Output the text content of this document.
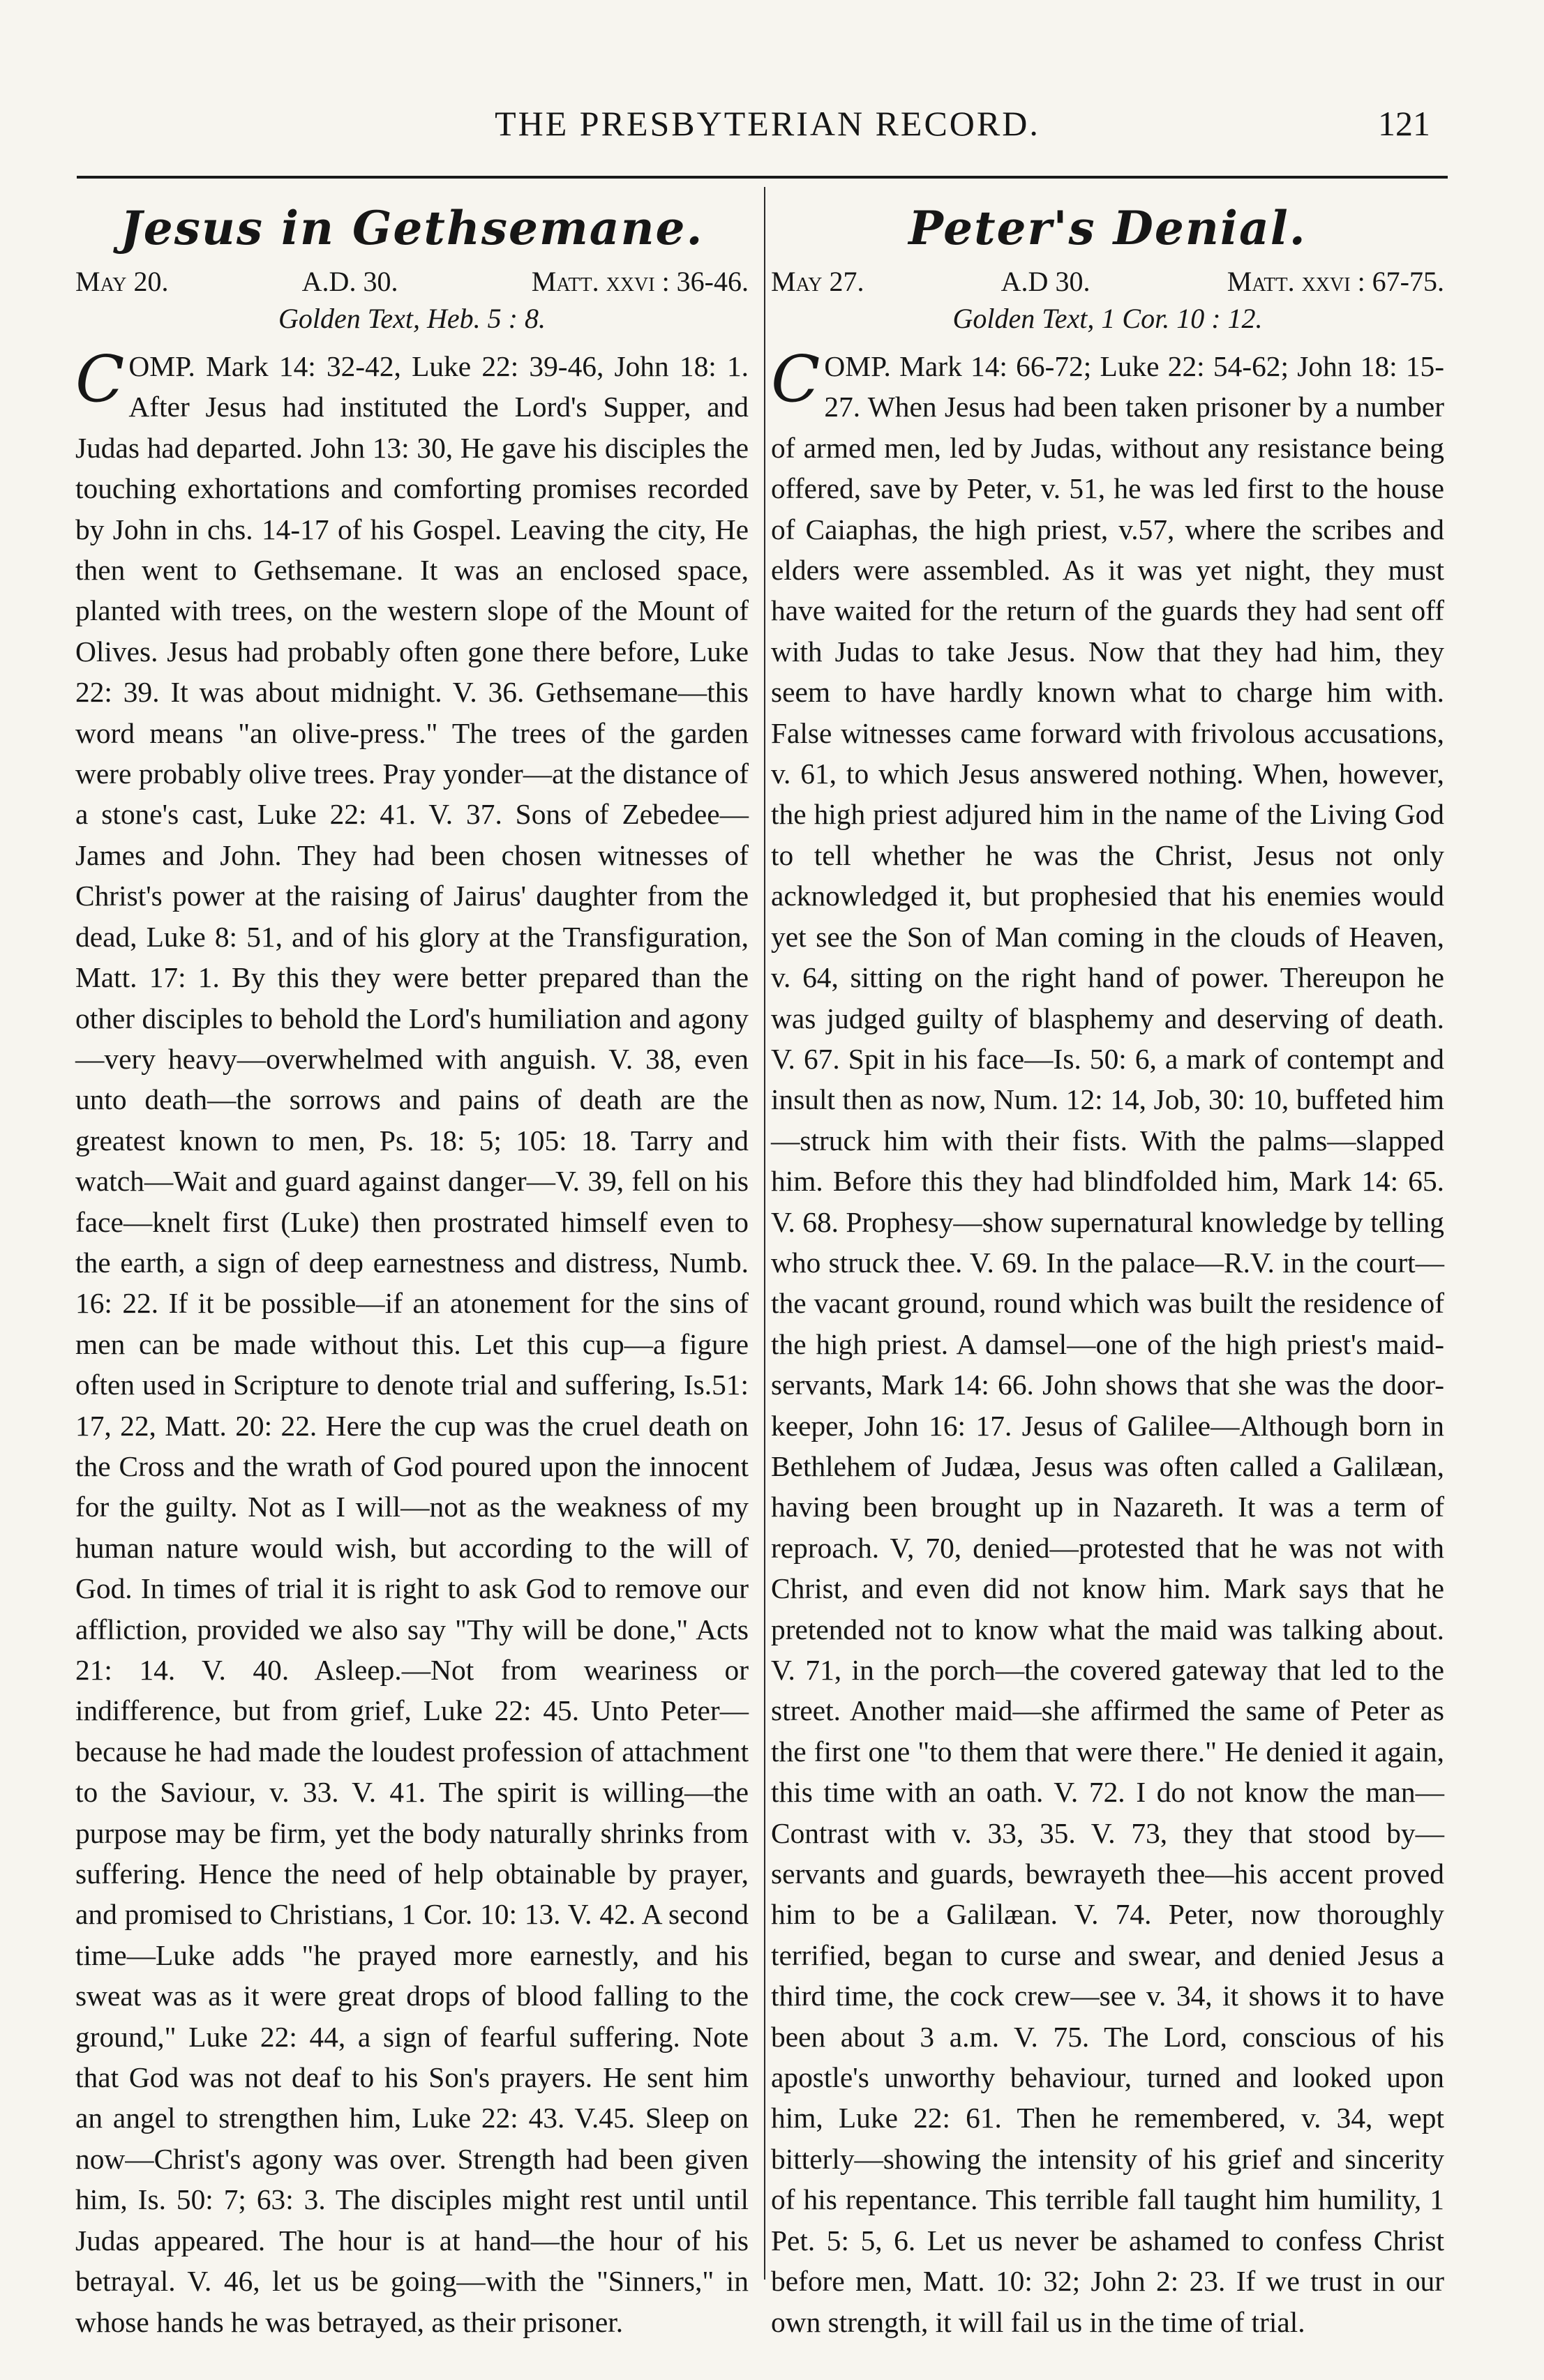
THE PRESBYTERIAN RECORD.	121
Jesus in Gethsemane.
May 20.	A.D. 30.	Matt. xxvi : 36-46.
Golden Text, Heb. 5 : 8.

COMP. Mark 14: 32-42, Luke 22: 39-46, John 18: 1. After Jesus had instituted the Lord's Supper, and Judas had departed. John 13: 30, He gave his disciples the touching exhortations and comforting promises recorded by John in chs. 14-17 of his Gospel. Leaving the city, He then went to Gethsemane. It was an enclosed space, planted with trees, on the western slope of the Mount of Olives. Jesus had probably often gone there before, Luke 22: 39. It was about midnight. V. 36. Gethsemane—this word means "an olive-press." The trees of the garden were probably olive trees. Pray yonder—at the distance of a stone's cast, Luke 22: 41. V. 37. Sons of Zebedee—James and John. They had been chosen witnesses of Christ's power at the raising of Jairus' daughter from the dead, Luke 8: 51, and of his glory at the Transfiguration, Matt. 17: 1. By this they were better prepared than the other disciples to behold the Lord's humiliation and agony—very heavy—overwhelmed with anguish. V. 38, even unto death—the sorrows and pains of death are the greatest known to men, Ps. 18: 5; 105: 18. Tarry and watch—Wait and guard against danger—V. 39, fell on his face—knelt first (Luke) then prostrated himself even to the earth, a sign of deep earnestness and distress, Numb. 16: 22. If it be possible—if an atonement for the sins of men can be made without this. Let this cup—a figure often used in Scripture to denote trial and suffering, Is.51: 17, 22, Matt. 20: 22. Here the cup was the cruel death on the Cross and the wrath of God poured upon the innocent for the guilty. Not as I will—not as the weakness of my human nature would wish, but according to the will of God. In times of trial it is right to ask God to remove our affliction, provided we also say "Thy will be done," Acts 21: 14. V. 40. Asleep.—Not from weariness or indifference, but from grief, Luke 22: 45. Unto Peter—because he had made the loudest profession of attachment to the Saviour, v. 33. V. 41. The spirit is willing—the purpose may be firm, yet the body naturally shrinks from suffering. Hence the need of help obtainable by prayer, and promised to Christians, 1 Cor. 10: 13. V. 42. A second time—Luke adds "he prayed more earnestly, and his sweat was as it were great drops of blood falling to the ground," Luke 22: 44, a sign of fearful suffering. Note that God was not deaf to his Son's prayers. He sent him an angel to strengthen him, Luke 22: 43. V.45. Sleep on now—Christ's agony was over. Strength had been given him, Is. 50: 7; 63: 3. The disciples might rest until until Judas appeared. The hour is at hand—the hour of his betrayal. V. 46, let us be going—with the "Sinners," in whose hands he was betrayed, as their prisoner.

Peter's Denial.
May 27.	A.D 30.	Matt. xxvi : 67-75.
Golden Text, 1 Cor. 10 : 12.

COMP. Mark 14: 66-72; Luke 22: 54-62; John 18: 15-27. When Jesus had been taken prisoner by a number of armed men, led by Judas, without any resistance being offered, save by Peter, v. 51, he was led first to the house of Caiaphas, the high priest, v.57, where the scribes and elders were assembled. As it was yet night, they must have waited for the return of the guards they had sent off with Judas to take Jesus. Now that they had him, they seem to have hardly known what to charge him with. False witnesses came forward with frivolous accusations, v. 61, to which Jesus answered nothing. When, however, the high priest adjured him in the name of the Living God to tell whether he was the Christ, Jesus not only acknowledged it, but prophesied that his enemies would yet see the Son of Man coming in the clouds of Heaven, v. 64, sitting on the right hand of power. Thereupon he was judged guilty of blasphemy and deserving of death. V. 67. Spit in his face—Is. 50: 6, a mark of contempt and insult then as now, Num. 12: 14, Job, 30: 10, buffeted him—struck him with their fists. With the palms—slapped him. Before this they had blindfolded him, Mark 14: 65. V. 68. Prophesy—show supernatural knowledge by telling who struck thee. V. 69. In the palace—R.V. in the court—the vacant ground, round which was built the residence of the high priest. A damsel—one of the high priest's maid-servants, Mark 14: 66. John shows that she was the door-keeper, John 16: 17. Jesus of Galilee—Although born in Bethlehem of Judæa, Jesus was often called a Galilæan, having been brought up in Nazareth. It was a term of reproach. V, 70, denied—protested that he was not with Christ, and even did not know him. Mark says that he pretended not to know what the maid was talking about. V. 71, in the porch—the covered gateway that led to the street. Another maid—she affirmed the same of Peter as the first one "to them that were there." He denied it again, this time with an oath. V. 72. I do not know the man—Contrast with v. 33, 35. V. 73, they that stood by—servants and guards, bewrayeth thee—his accent proved him to be a Galilæan. V. 74. Peter, now thoroughly terrified, began to curse and swear, and denied Jesus a third time, the cock crew—see v. 34, it shows it to have been about 3 a.m. V. 75. The Lord, conscious of his apostle's unworthy behaviour, turned and looked upon him, Luke 22: 61. Then he remembered, v. 34, wept bitterly—showing the intensity of his grief and sincerity of his repentance. This terrible fall taught him humility, 1 Pet. 5: 5, 6. Let us never be ashamed to confess Christ before men, Matt. 10: 32; John 2: 23. If we trust in our own strength, it will fail us in the time of trial.
